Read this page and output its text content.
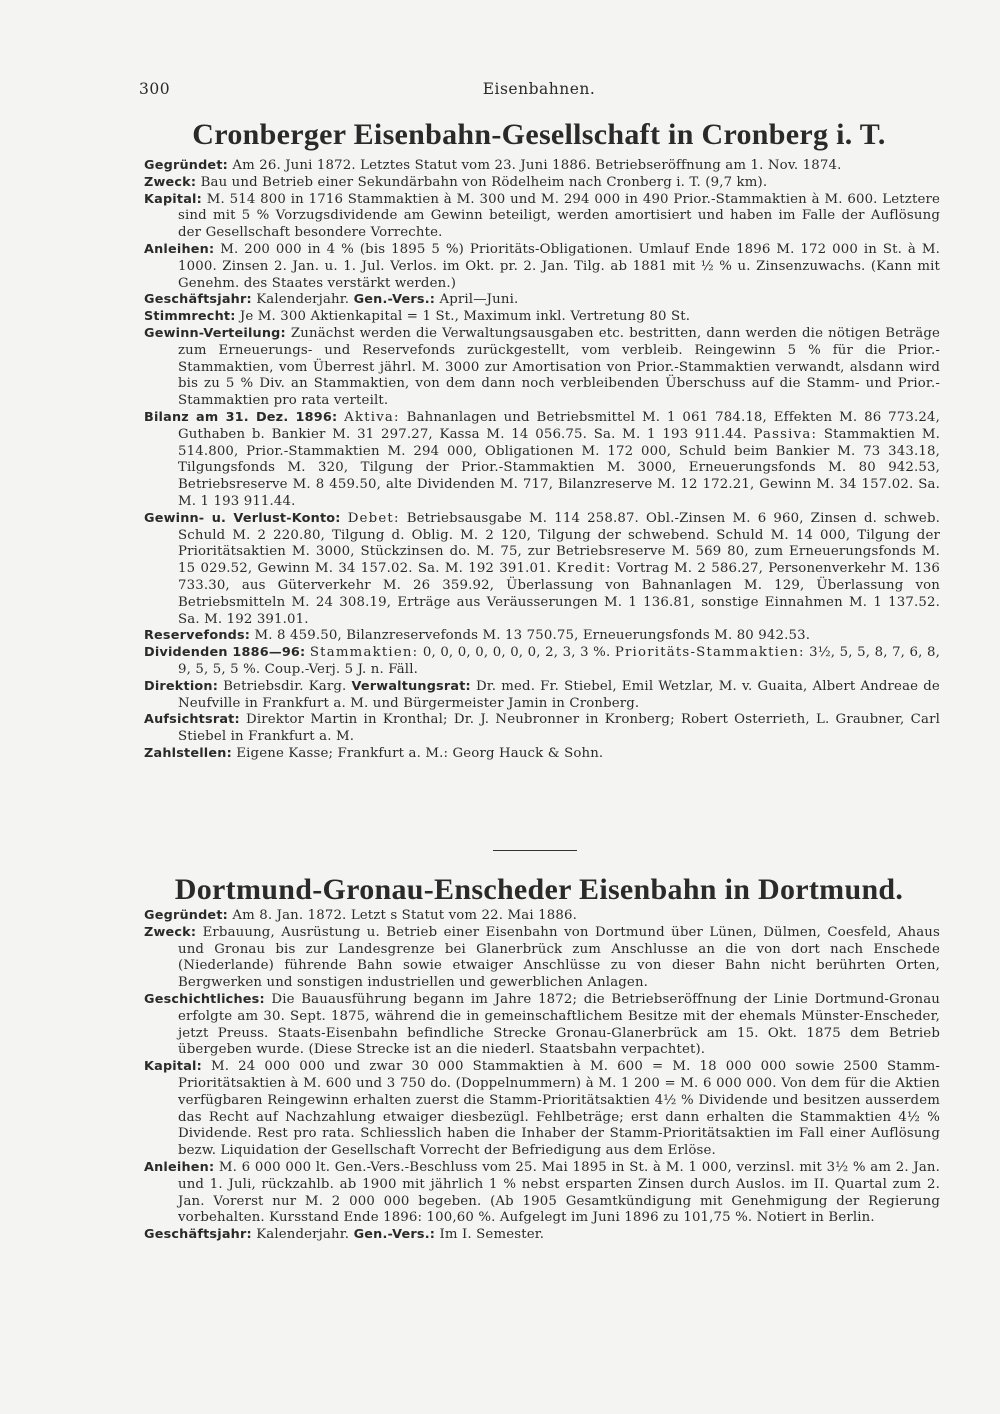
300	Eisenbahnen.
Cronberger Eisenbahn-Gesellschaft in Cronberg i. T.

Gegründet: Am 26. Juni 1872. Letztes Statut vom 23. Juni 1886. Betriebseröffnung am 1. Nov. 1874.

Zweck: Bau und Betrieb einer Sekundärbahn von Rödelheim nach Cronberg i. T. (9,7 km).

Kapital: M. 514 800 in 1716 Stammaktien à M. 300 und M. 294 000 in 490 Prior.-Stammaktien à M. 600. Letztere sind mit 5 % Vorzugsdividende am Gewinn beteiligt, werden amortisiert und haben im Falle der Auflösung der Gesellschaft besondere Vorrechte.

Anleihen: M. 200 000 in 4 % (bis 1895 5 %) Prioritäts-Obligationen. Umlauf Ende 1896 M. 172 000 in St. à M. 1000. Zinsen 2. Jan. u. 1. Jul. Verlos. im Okt. pr. 2. Jan. Tilg. ab 1881 mit ½ % u. Zinsenzuwachs. (Kann mit Genehm. des Staates verstärkt werden.)

Geschäftsjahr: Kalenderjahr. Gen.-Vers.: April—Juni.

Stimmrecht: Je M. 300 Aktienkapital = 1 St., Maximum inkl. Vertretung 80 St.

Gewinn-Verteilung: Zunächst werden die Verwaltungsausgaben etc. bestritten, dann werden die nötigen Beträge zum Erneuerungs- und Reservefonds zurückgestellt, vom verbleib. Reingewinn 5 % für die Prior.-Stammaktien, vom Überrest jährl. M. 3000 zur Amortisation von Prior.-Stammaktien verwandt, alsdann wird bis zu 5 % Div. an Stammaktien, von dem dann noch verbleibenden Überschuss auf die Stamm- und Prior.-Stammaktien pro rata verteilt.

Bilanz am 31. Dez. 1896: Aktiva: Bahnanlagen und Betriebsmittel M. 1 061 784.18, Effekten M. 86 773.24, Guthaben b. Bankier M. 31 297.27, Kassa M. 14 056.75. Sa. M. 1 193 911.44. Passiva: Stammaktien M. 514.800, Prior.-Stammaktien M. 294 000, Obligationen M. 172 000, Schuld beim Bankier M. 73 343.18, Tilgungsfonds M. 320, Tilgung der Prior.-Stammaktien M. 3000, Erneuerungsfonds M. 80 942.53, Betriebsreserve M. 8 459.50, alte Dividenden M. 717, Bilanzreserve M. 12 172.21, Gewinn M. 34 157.02. Sa. M. 1 193 911.44.

Gewinn- u. Verlust-Konto: Debet: Betriebsausgabe M. 114 258.87. Obl.-Zinsen M. 6 960, Zinsen d. schweb. Schuld M. 2 220.80, Tilgung d. Oblig. M. 2 120, Tilgung der schwebend. Schuld M. 14 000, Tilgung der Prioritätsaktien M. 3000, Stückzinsen do. M. 75, zur Betriebsreserve M. 569 80, zum Erneuerungsfonds M. 15 029.52, Gewinn M. 34 157.02. Sa. M. 192 391.01. Kredit: Vortrag M. 2 586.27, Personenverkehr M. 136 733.30, aus Güterverkehr M. 26 359.92, Überlassung von Bahnanlagen M. 129, Überlassung von Betriebsmitteln M. 24 308.19, Erträge aus Veräusserungen M. 1 136.81, sonstige Einnahmen M. 1 137.52. Sa. M. 192 391.01.

Reservefonds: M. 8 459.50, Bilanzreservefonds M. 13 750.75, Erneuerungsfonds M. 80 942.53.

Dividenden 1886—96: Stammaktien: 0, 0, 0, 0, 0, 0, 0, 2, 3, 3 %. Prioritäts-Stammaktien: 3½, 5, 5, 8, 7, 6, 8, 9, 5, 5, 5 %. Coup.-Verj. 5 J. n. Fäll.

Direktion: Betriebsdir. Karg. Verwaltungsrat: Dr. med. Fr. Stiebel, Emil Wetzlar, M. v. Guaita, Albert Andreae de Neufville in Frankfurt a. M. und Bürgermeister Jamin in Cronberg.

Aufsichtsrat: Direktor Martin in Kronthal; Dr. J. Neubronner in Kronberg; Robert Osterrieth, L. Graubner, Carl Stiebel in Frankfurt a. M.

Zahlstellen: Eigene Kasse; Frankfurt a. M.: Georg Hauck & Sohn.

Dortmund-Gronau-Enscheder Eisenbahn in Dortmund.

Gegründet: Am 8. Jan. 1872. Letzt s Statut vom 22. Mai 1886.

Zweck: Erbauung, Ausrüstung u. Betrieb einer Eisenbahn von Dortmund über Lünen, Dülmen, Coesfeld, Ahaus und Gronau bis zur Landesgrenze bei Glanerbrück zum Anschlusse an die von dort nach Enschede (Niederlande) führende Bahn sowie etwaiger Anschlüsse zu von dieser Bahn nicht berührten Orten, Bergwerken und sonstigen industriellen und gewerblichen Anlagen.

Geschichtliches: Die Bauausführung begann im Jahre 1872; die Betriebseröffnung der Linie Dortmund-Gronau erfolgte am 30. Sept. 1875, während die in gemeinschaftlichem Besitze mit der ehemals Münster-Enscheder, jetzt Preuss. Staats-Eisenbahn befindliche Strecke Gronau-Glanerbrück am 15. Okt. 1875 dem Betrieb übergeben wurde. (Diese Strecke ist an die niederl. Staatsbahn verpachtet).

Kapital: M. 24 000 000 und zwar 30 000 Stammaktien à M. 600 = M. 18 000 000 sowie 2500 Stamm-Prioritätsaktien à M. 600 und 3 750 do. (Doppelnummern) à M. 1 200 = M. 6 000 000. Von dem für die Aktien verfügbaren Reingewinn erhalten zuerst die Stamm-Prioritätsaktien 4½ % Dividende und besitzen ausserdem das Recht auf Nachzahlung etwaiger diesbezügl. Fehlbeträge; erst dann erhalten die Stammaktien 4½ % Dividende. Rest pro rata. Schliesslich haben die Inhaber der Stamm-Prioritätsaktien im Fall einer Auflösung bezw. Liquidation der Gesellschaft Vorrecht der Befriedigung aus dem Erlöse.

Anleihen: M. 6 000 000 lt. Gen.-Vers.-Beschluss vom 25. Mai 1895 in St. à M. 1 000, verzinsl. mit 3½ % am 2. Jan. und 1. Juli, rückzahlb. ab 1900 mit jährlich 1 % nebst ersparten Zinsen durch Auslos. im II. Quartal zum 2. Jan. Vorerst nur M. 2 000 000 begeben. (Ab 1905 Gesamtkündigung mit Genehmigung der Regierung vorbehalten. Kursstand Ende 1896: 100,60 %. Aufgelegt im Juni 1896 zu 101,75 %. Notiert in Berlin.

Geschäftsjahr: Kalenderjahr. Gen.-Vers.: Im I. Semester.
